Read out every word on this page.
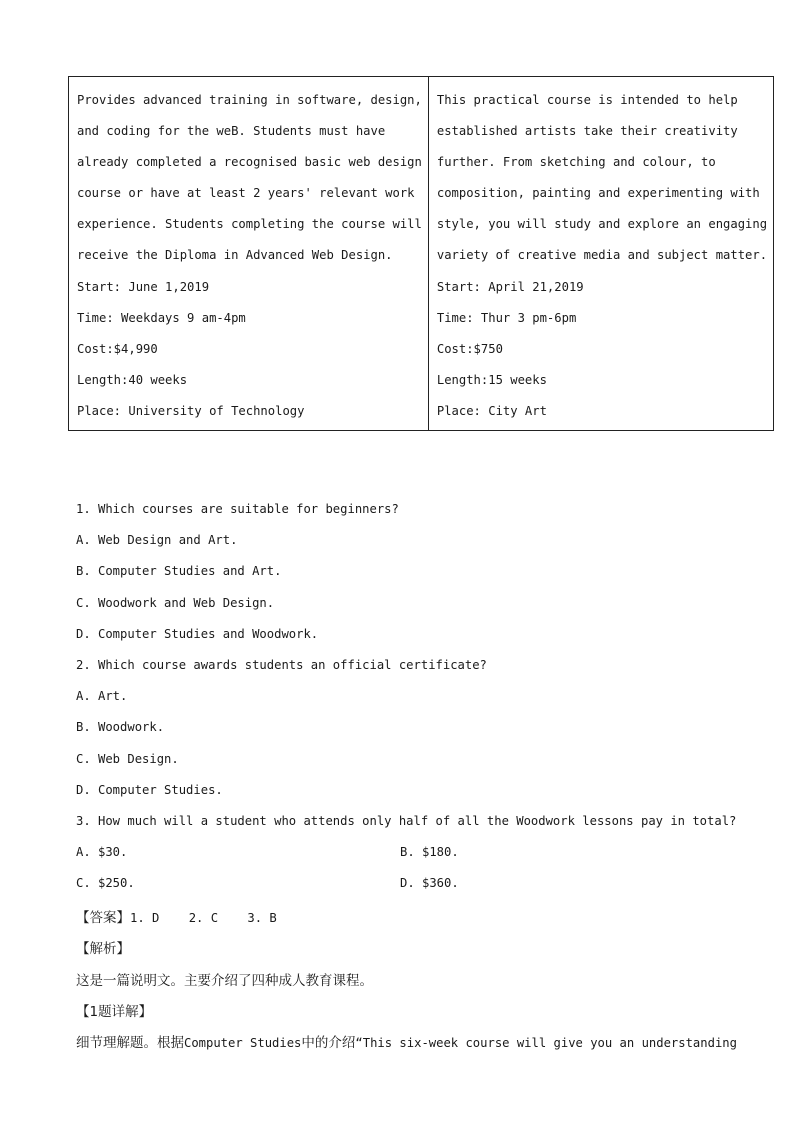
Provides advanced training in software, design,
and coding for the weB. Students must have
already completed a recognised basic web design
course or have at least 2 years' relevant work
experience. Students completing the course will
receive the Diploma in Advanced Web Design.
Start: June 1,2019
Time: Weekdays 9 am-4pm
Cost:$4,990
Length:40 weeks
Place: University of Technology

This practical course is intended to help
established artists take their creativity
further. From sketching and colour, to
composition, painting and experimenting with
style, you will study and explore an engaging
variety of creative media and subject matter.
Start: April 21,2019
Time: Thur 3 pm-6pm
Cost:$750
Length:15 weeks
Place: City Art
1. Which courses are suitable for beginners?
A. Web Design and Art.
B. Computer Studies and Art.
C. Woodwork and Web Design.
D. Computer Studies and Woodwork.
2. Which course awards students an official certificate?
A. Art.
B. Woodwork.
C. Web Design.
D. Computer Studies.
3. How much will a student who attends only half of all the Woodwork lessons pay in total?
A. $30.	B. $180.
C. $250.	D. $360.
【答案】1. D    2. C    3. B
【解析】
这是一篇说明文。主要介绍了四种成人教育课程。
【1题详解】
细节理解题。根据Computer Studies中的介绍“This six-week course will give you an understanding
